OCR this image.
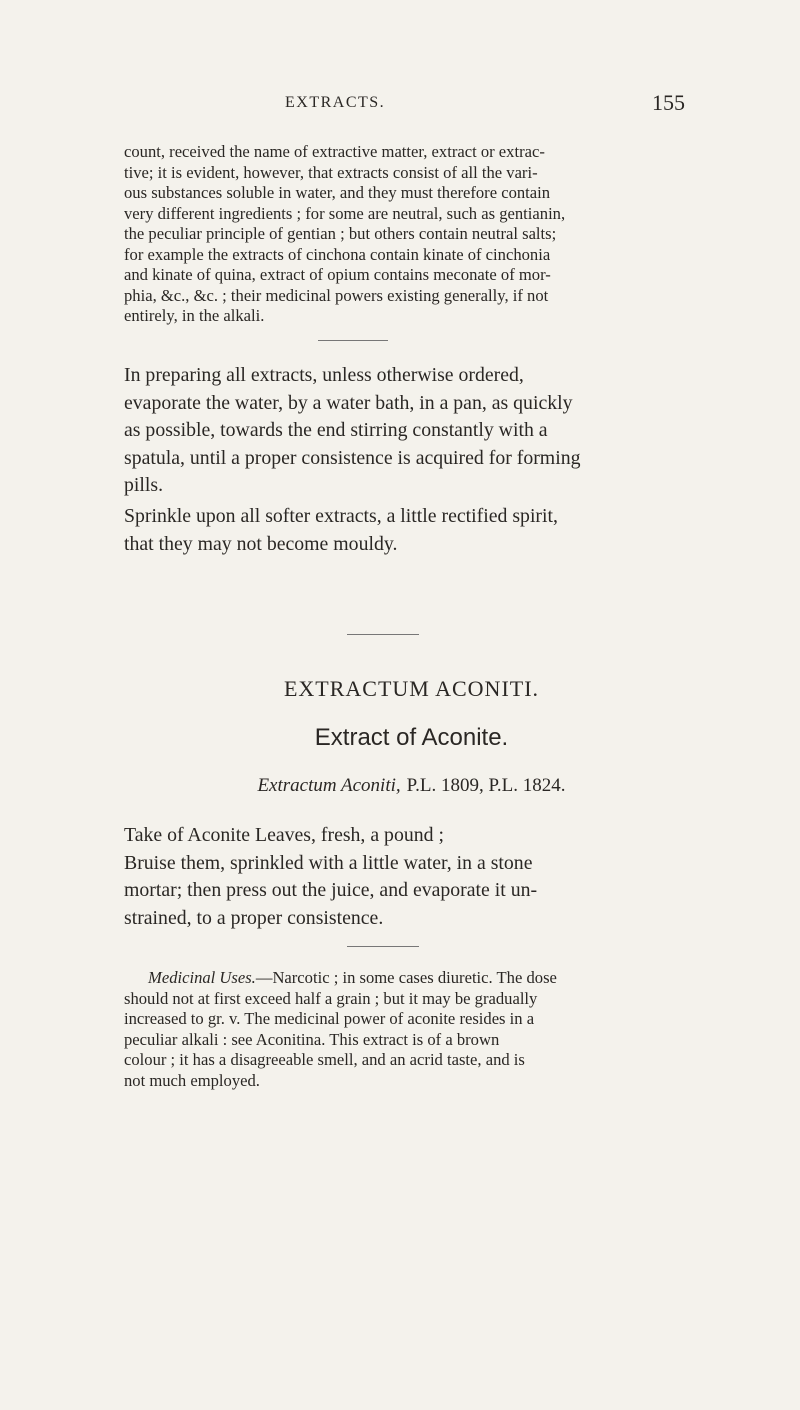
EXTRACTS.	155

count, received the name of extractive matter, extract or extrac-

tive; it is evident, however, that extracts consist of all the vari-

ous substances soluble in water, and they must therefore contain

very different ingredients ; for some are neutral, such as gentianin,

the peculiar principle of gentian ; but others contain neutral salts;

for example the extracts of cinchona contain kinate of cinchonia

and kinate of quina, extract of opium contains meconate of mor-

phia, &c., &c. ; their medicinal powers existing generally, if not

entirely, in the alkali.

In preparing all extracts, unless otherwise ordered,

evaporate the water, by a water bath, in a pan, as quickly

as possible, towards the end stirring constantly with a

spatula, until a proper consistence is acquired for forming

pills.

Sprinkle upon all softer extracts, a little rectified spirit,

that they may not become mouldy.

EXTRACTUM ACONITI.
Extract of Aconite.
Extractum Aconiti, P.L. 1809, P.L. 1824.

Take of Aconite Leaves, fresh, a pound ;

Bruise them, sprinkled with a little water, in a stone

mortar; then press out the juice, and evaporate it un-

strained, to a proper consistence.

Medicinal Uses.—Narcotic ; in some cases diuretic. The dose

should not at first exceed half a grain ; but it may be gradually

increased to gr. v. The medicinal power of aconite resides in a

peculiar alkali : see Aconitina. This extract is of a brown

colour ; it has a disagreeable smell, and an acrid taste, and is

not much employed.
